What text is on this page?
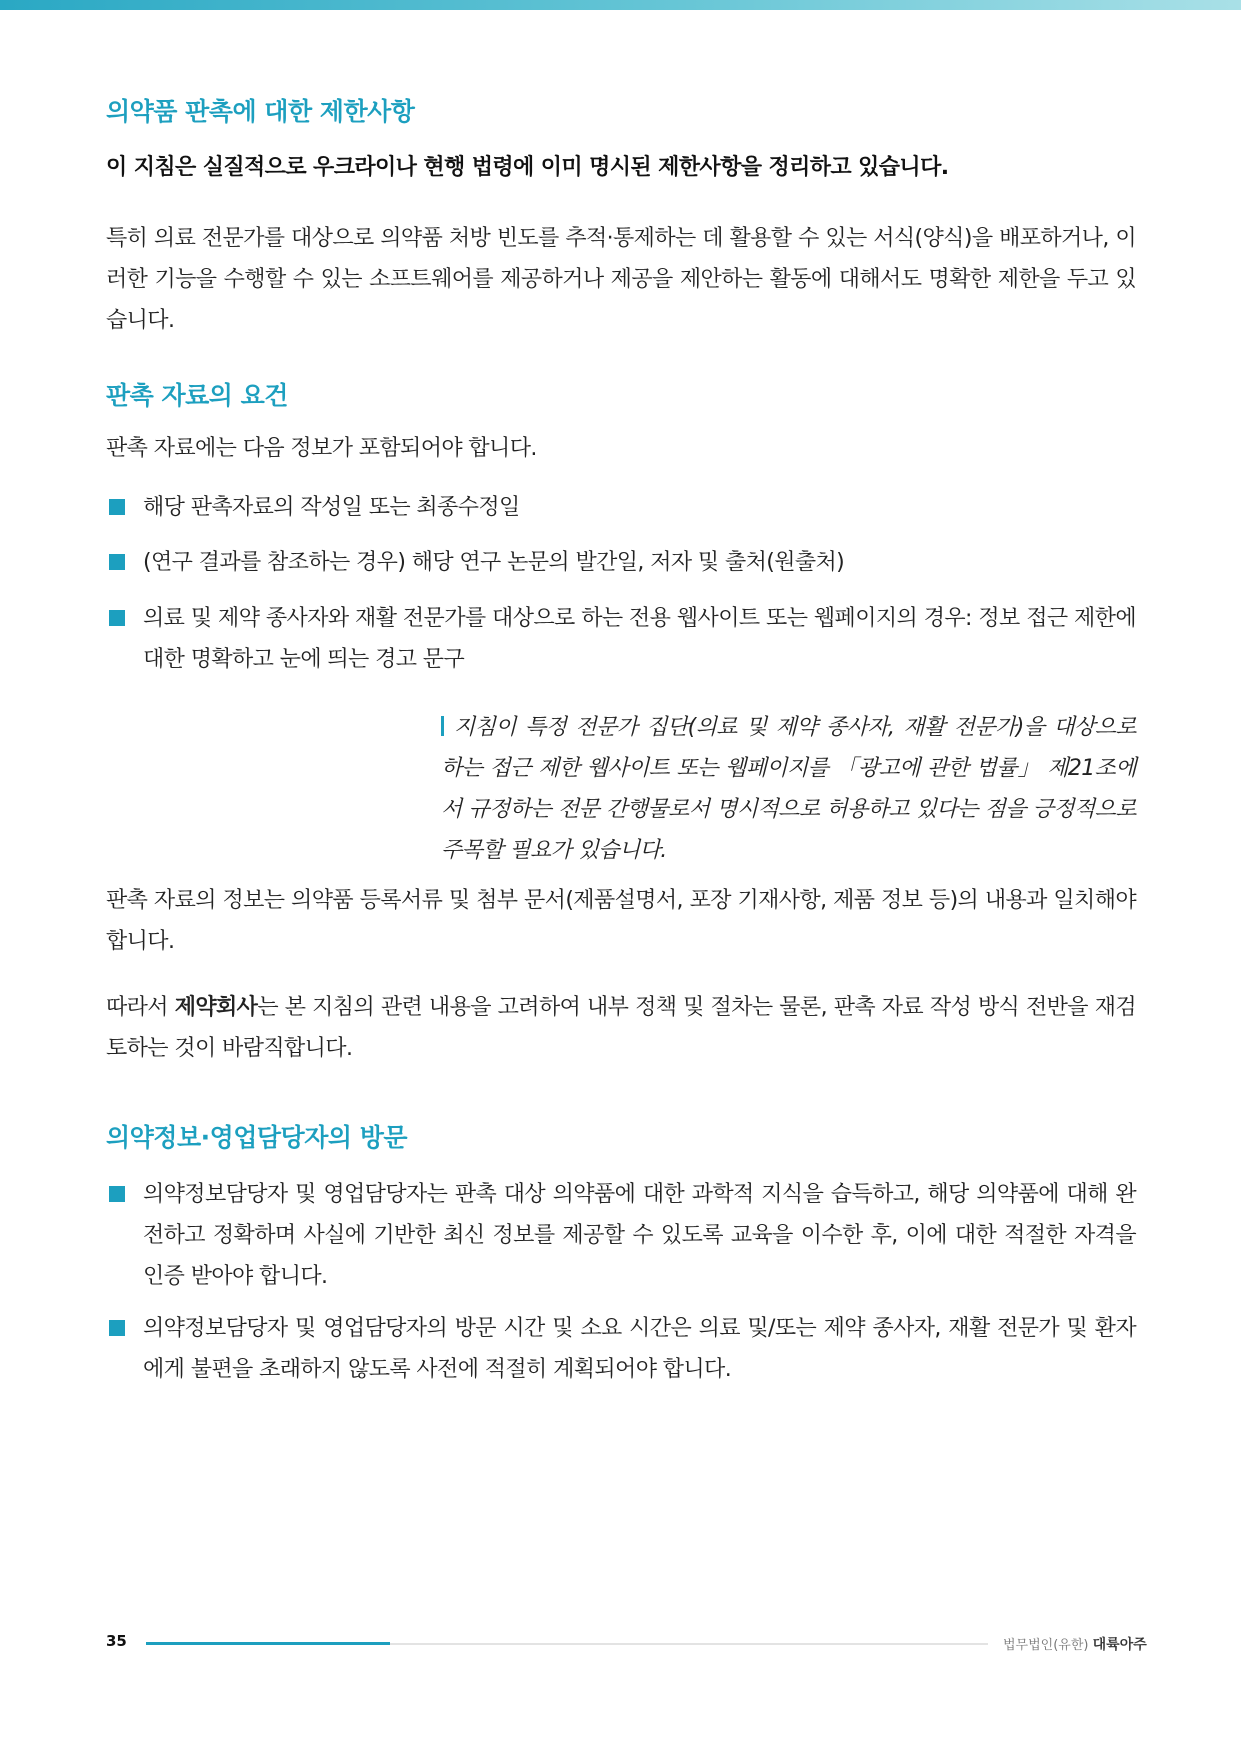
의약품 판촉에 대한 제한사항

이 지침은 실질적으로 우크라이나 현행 법령에 이미 명시된 제한사항을 정리하고 있습니다.

특히 의료 전문가를 대상으로 의약품 처방 빈도를 추적·통제하는 데 활용할 수 있는 서식(양식)을 배포하거나, 이러한 기능을 수행할 수 있는 소프트웨어를 제공하거나 제공을 제안하는 활동에 대해서도 명확한 제한을 두고 있습니다.

판촉 자료의 요건

판촉 자료에는 다음 정보가 포함되어야 합니다.

해당 판촉자료의 작성일 또는 최종수정일
(연구 결과를 참조하는 경우) 해당 연구 논문의 발간일, 저자 및 출처(원출처)
의료 및 제약 종사자와 재활 전문가를 대상으로 하는 전용 웹사이트 또는 웹페이지의 경우: 정보 접근 제한에 대한 명확하고 눈에 띄는 경고 문구

지침이 특정 전문가 집단(의료 및 제약 종사자, 재활 전문가)을 대상으로 하는 접근 제한 웹사이트 또는 웹페이지를 「광고에 관한 법률」 제21조에서 규정하는 전문 간행물로서 명시적으로 허용하고 있다는 점을 긍정적으로 주목할 필요가 있습니다.

판촉 자료의 정보는 의약품 등록서류 및 첨부 문서(제품설명서, 포장 기재사항, 제품 정보 등)의 내용과 일치해야 합니다.

따라서 제약회사는 본 지침의 관련 내용을 고려하여 내부 정책 및 절차는 물론, 판촉 자료 작성 방식 전반을 재검토하는 것이 바람직합니다.

의약정보·영업담당자의 방문
의약정보담당자 및 영업담당자는 판촉 대상 의약품에 대한 과학적 지식을 습득하고, 해당 의약품에 대해 완전하고 정확하며 사실에 기반한 최신 정보를 제공할 수 있도록 교육을 이수한 후, 이에 대한 적절한 자격을 인증 받아야 합니다.
의약정보담당자 및 영업담당자의 방문 시간 및 소요 시간은 의료 및/또는 제약 종사자, 재활 전문가 및 환자에게 불편을 초래하지 않도록 사전에 적절히 계획되어야 합니다.
35	법무법인(유한) 대륙아주
